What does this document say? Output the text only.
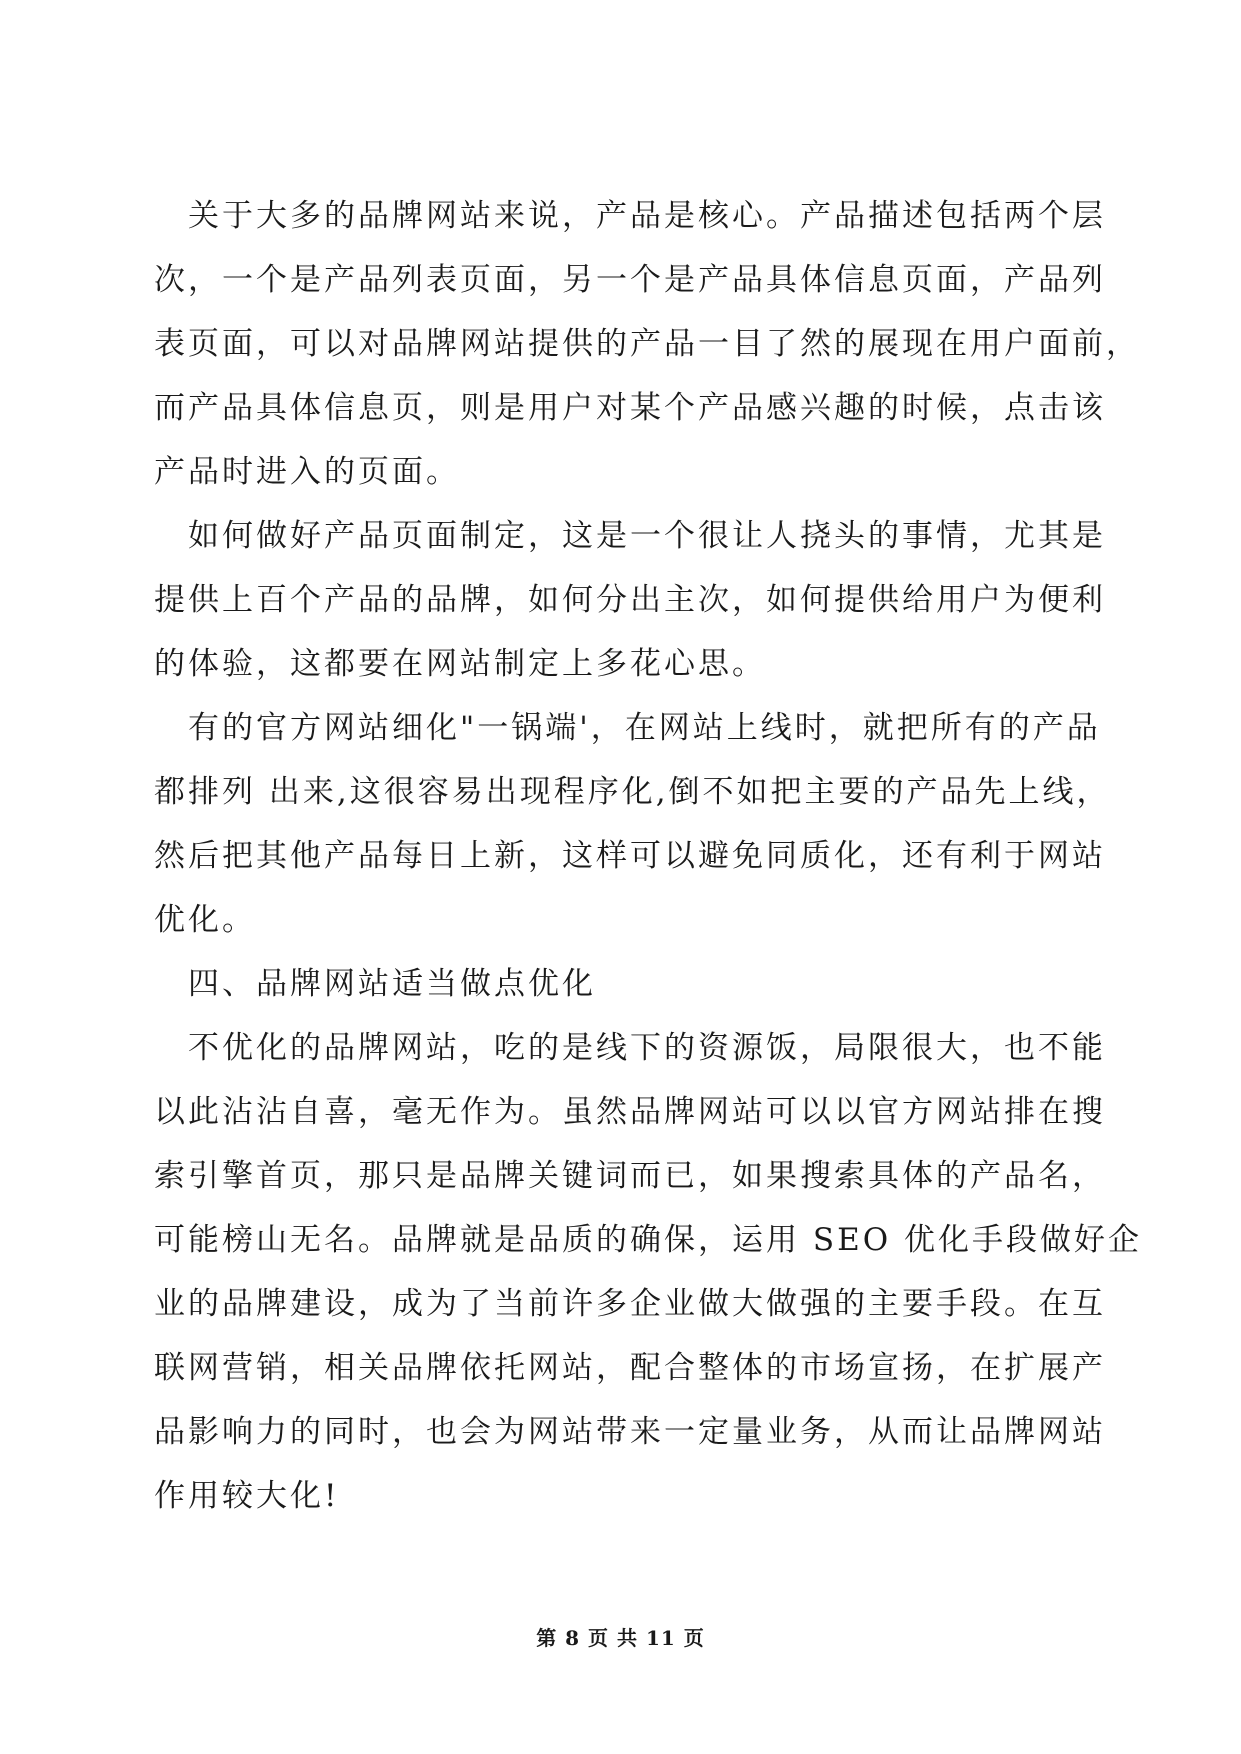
关于大多的品牌网站来说，产品是核心。产品描述包括两个层
次，一个是产品列表页面，另一个是产品具体信息页面，产品列
表页面，可以对品牌网站提供的产品一目了然的展现在用户面前，
而产品具体信息页，则是用户对某个产品感兴趣的时候，点击该
产品时进入的页面。
如何做好产品页面制定，这是一个很让人挠头的事情，尤其是
提供上百个产品的品牌，如何分出主次，如何提供给用户为便利
的体验，这都要在网站制定上多花心思。
有的官方网站细化"一锅端'，在网站上线时，就把所有的产品
都排列 出来,这很容易出现程序化,倒不如把主要的产品先上线，
然后把其他产品每日上新，这样可以避免同质化，还有利于网站
优化。
四、品牌网站适当做点优化
不优化的品牌网站，吃的是线下的资源饭，局限很大，也不能
以此沾沾自喜，毫无作为。虽然品牌网站可以以官方网站排在搜
索引擎首页，那只是品牌关键词而已，如果搜索具体的产品名，
可能榜山无名。品牌就是品质的确保，运用 SEO 优化手段做好企
业的品牌建设，成为了当前许多企业做大做强的主要手段。在互
联网营销，相关品牌依托网站，配合整体的市场宣扬，在扩展产
品影响力的同时，也会为网站带来一定量业务，从而让品牌网站
作用较大化!
第 8 页 共 11 页
